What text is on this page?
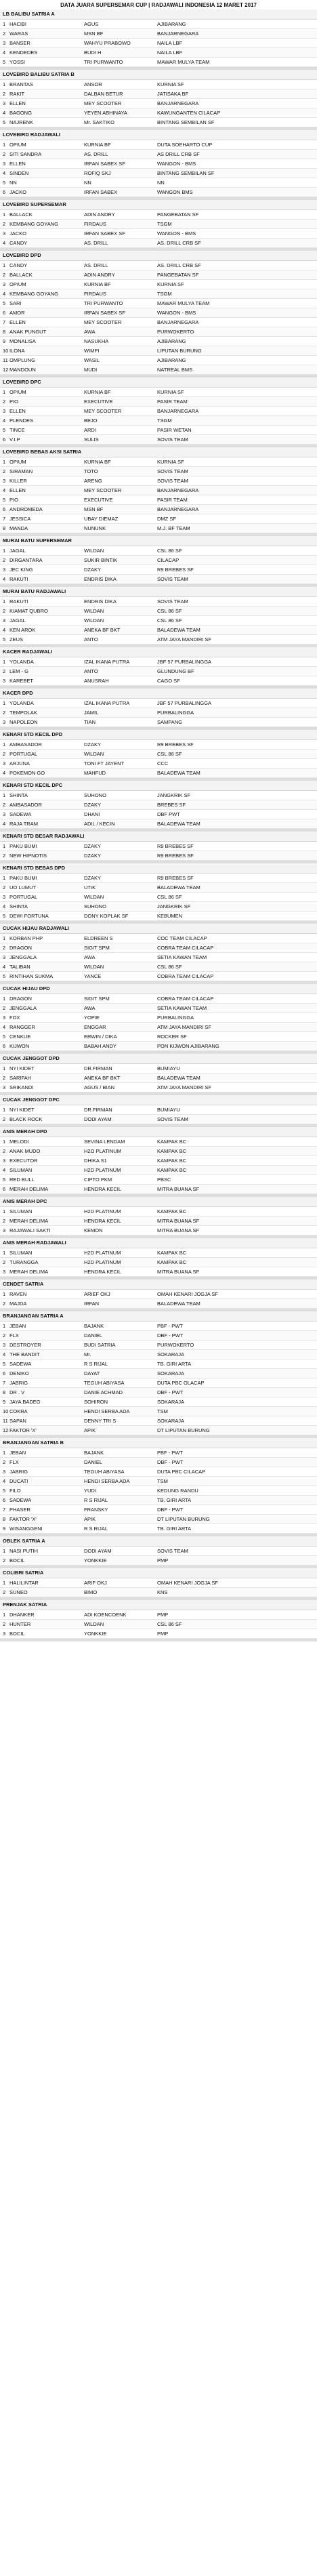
DATA JUARA SUPERSEMAR CUP | RADJAWALI INDONESIA 12 MARET 2017
LB BALIBU SATRIA A
1 HACIBI	AGUS	AJIBARANG
2 WARAS	MSN BF	BANJARNEGARA
3 BANSER	WAHYU PRABOWO	NAILA LBF
4 KENDEDES	BUDI H	NAILA LBF
5 YOSSI	TRI PURWANTO	MAWAR MULYA TEAM
LOVEBIRD BALIBU SATRIA B
1 BRANTAS	ANSOR	KURNIA SF
2 RAKIT	DALBAN BETUR	JATISAKA BF
3 ELLEN	MEY SCOOTER	BANJARNEGARA
4 BAGONG	YEYEN ABHINAYA	KAWUNGANTEN CILACAP
5 NAJRENK	Mr. SAKTIKO	BINTANG SEMBILAN SF
LOVEBIRD RADJAWALI
1 OPIUM	KURNIA BF	DUTA SOEHARTO CUP
2 SITI SANDRA	AS. DRILL	AS DRILL CRB SF
3 ELLEN	IRFAN SABEX SF	WANGON - BMS
4 SINDEN	ROFIQ SKJ	BINTANG SEMBILAN SF
5 NN	NN	NN
6 JACKO	IRFAN SABEX	WANGON BMS
LOVEBIRD SUPERSEMAR
1 BALLACK	ADIN ANDRY	PANGEBATAN SF
2 KEMBANG GOYANG	FIRDAUS	TSGM
3 JACKO	IRFAN SABEX SF	WANGON - BMS
4 CANDY	AS. DRILL	AS. DRILL CRB SF
LOVEBIRD DPD
1 CANDY	AS. DRILL	AS. DRILL CRB SF
2 BALLACK	ADIN ANDRY	PANGEBATAN SF
3 OPIUM	KURNIA BF	KURNIA SF
4 KEMBANG GOYANG	FIRDAUS	TSGM
5 SARI	TRI PURWANTO	MAWAR MULYA TEAM
6 AMOR	IRFAN SABEX SF	WANGON - BMS
7 ELLEN	MEY SCOOTER	BANJARNEGARA
8 ANAK PUNGUT	AWA	PURWOKERTO
9 MONALISA	NASUKHA	AJIBARANG
10 ILONA	WIMPI	LIPUTAN BURUNG
11 OMPLUNG	WASIL	AJIBARANG
12 MANDOUN	MUDI	NATREAL BMS
LOVEBIRD DPC
1 OPIUM	KURNIA BF	KURNIA SF
2 PIO	EXECUTIVE	PASIR TEAM
3 ELLEN	MEY SCOOTER	BANJARNEGARA
4 PLENDES	BEJO	TSGM
5 TINCE	ARDI	PASIR WETAN
6 V.I.P	SULIS	SOVIS TEAM
LOVEBIRD BEBAS AKSI SATRIA
1 OPIUM	KURNIA BF	KURNIA SF
2 SIRAMAN	TOTO	SOVIS TEAM
3 KILLER	ARENG	SOVIS TEAM
4 ELLEN	MEY SCOOTER	BANJARNEGARA
5 PIO	EXECUTIVE	PASIR TEAM
6 ANDROMEDA	MSN BF	BANJARNEGARA
7 JESSICA	UBAY DIEMAZ	DMZ SF
8 MANDA	NUNUNK	M.J. BF TEAM
MURAI BATU SUPERSEMAR
1 JAGAL	WILDAN	CSL 86 SF
2 DIRGANTARA	SUKIR BINTIK	CILACAP
3 JEC KING	DZAKY	R9 BREBES SF
4 RAKUTI	ENDRIS DIKA	SOVIS TEAM
MURAI BATU RADJAWALI
1 RAKUTI	ENDRIS DIKA	SOVIS TEAM
2 KIAMAT QUBRO	WILDAN	CSL 86 SF
3 JAGAL	WILDAN	CSL 86 SF
4 KEN AROK	ANEKA BF BKT	BALADEWA TEAM
5 ZEUS	ANTO	ATM JAYA MANDIRI SF
KACER RADJAWALI
1 YOLANDA	IZAL IKANA PUTRA	JBF 57 PURBALINGGA
2 LEM - G	ANTO	GLUNDUNG BF
3 KAREBET	ANUSRAH	CAGO SF
KACER DPD
1 YOLANDA	IZAL IKANA PUTRA	JBF 57 PURBALINGGA
2 TEMPOLAK	JAMIL	PURBALINGGA
3 NAPOLEON	TIAN	SAMPANG
KENARI STD KECIL DPD
1 AMBASADOR	DZAKY	R9 BREBES SF
2 PORTUGAL	WILDAN	CSL 86 SF
3 ARJUNA	TONI FT JAYENT	CCC
4 POKEMON GO	MAHFUD	BALADEWA TEAM
KENARI STD KECIL DPC
1 SHINTA	SUHONO	JANGKRIK SF
2 AMBASADOR	DZAKY	BREBES SF
3 SADEWA	DHANI	DBF PWT
4 RAJA TRAM	ADIL / KECIN	BALADEWA TEAM
KENARI STD BESAR RADJAWALI
1 PAKU BUMI	DZAKY	R9 BREBES SF
2 NEW HIPNOTIS	DZAKY	R9 BREBES SF
KENARI STD BEBAS DPD
1 PAKU BUMI	DZAKY	R9 BREBES SF
2 UO LUMUT	UTIK	BALADEWA TEAM
3 PORTUGAL	WILDAN	CSL 86 SF
4 SHINTA	SUHONO	JANGKRIK SF
5 DEWI FORTUNA	DONY KOPLAK SF	KEBUMEN
CUCAK HIJAU RADJAWALI
1 KORBAN PHP	ELDREEN S	COC TEAM CILACAP
2 DRAGON	SIGIT SPM	COBRA TEAM CILACAP
3 JENGGALA	AWA	SETIA KAWAN TEAM
4 TALIBAN	WILDAN	CSL 86 SF
5 RINTIHAN SUKMA	YANCE	COBRA TEAM CILACAP
CUCAK HIJAU DPD
1 DRAGON	SIGIT SPM	COBRA TEAM CILACAP
2 JENGGALA	AWA	SETIA KAWAN TEAM
3 FOX	YOPIE	PURBALINGGA
4 RANGGER	ENGGAR	ATM JAYA MANDIRI SF
5 CENKUE	ERWIN / DIKA	ROCKER SF
6 KIJWON	BABAH ANDY	PON KIJWON AJIBARANG
CUCAK JENGGOT DPD
1 NYI KIDET	DR.FIRMAN	BUMIAYU
2 SARIFAH	ANEKA BF BKT	BALADEWA TEAM
3 SRIKANDI	AGUS / BIAN	ATM JAYA MANDIRI SF
CUCAK JENGGOT DPC
1 NYI KIDET	DR.FIRMAN	BUMIAYU
2 BLACK ROCK	DODI AYAM	SOVIS TEAM
ANIS MERAH DPD
1 MELODI	SEVINA LENDAM	KAMPAK BC
2 ANAK MUDO	H2O PLATINUM	KAMPAK BC
3 EXECUTOR	DHIKA S1	KAMPAK BC
4 SILUMAN	H2D PLATINUM	KAMPAK BC
5 RED BULL	CIPTO PKM	PBSC
6 MERAH DELIMA	HENDRA KECIL	MITRA BUANA SF
ANIS MERAH DPC
1 SILUMAN	H2D PLATINUM	KAMPAK BC
2 MERAH DELIMA	HENDRA KECIL	MITRA BUANA SF
3 RAJAWALI SAKTI	KEMON	MITRA BUANA SF
ANIS MERAH RADJAWALI
1 SILUMAN	H2D PLATINUM	KAMPAK BC
2 TURANGGA	H2D PLATINUM	KAMPAK BC
3 MERAH DELIMA	HENDRA KECIL	MITRA BUANA SF
CENDET SATRIA
1 RAVEN	ARIEF OKJ	OMAH KENARI JOGJA SF
2 MAJDA	IRFAN	BALADEWA TEAM
BRANJANGAN SATRIA A
1 JEBAN	BAJANK	PBF - PWT
2 FLX	DANIEL	DBF - PWT
3 DESTROYER	BUDI SATRIA	PURWOKERTO
4 THE BANDIT	Mr.	SOKARAJA
5 SADEWA	R S RIJAL	TB. GIRI ARTA
6 DENIKO	DAYAT	SOKARAJA
7 JABRIG	TEGUH ABIYASA	DUTA PBC OLACAP
8 DR . V	DANIE ACHMAD	DBF - PWT
9 JAYA BADEG	SOHIRON	SOKARAJA
10 COKRA	HENDI SERBA ADA	TSM
11 SAPAN	DENNY TRI S	SOKARAJA
12 FAKTOR 'X'	APIK	DT LIPUTAN BURUNG
BRANJANGAN SATRIA B
1 JEBAN	BAJANK	PBF - PWT
2 FLX	DANIEL	DBF - PWT
3 JABRIG	TEGUH ABIYASA	DUTA PBC CILACAP
4 DUCATI	HENDI SERBA ADA	TSM
5 FILO	YUDI	KEDUNG RANDU
6 SADEWA	R S RIJAL	TB. GIRI ARTA
7 PHASER	FRANSKY	DBF - PWT
8 FAKTOR 'X'	APIK	DT LIPUTAN BURUNG
9 WISANGGENI	R S RIJAL	TB. GIRI ARTA
OBLEK SATRIA A
1 NASI PUTIH	DODI AYAM	SOVIS TEAM
2 BOCIL	YONKKIE	PMP
COLIBRI SATRIA
1 HALILINTAR	ARIF OKJ	OMAH KENARI JOGJA SF
2 SUNEO	BIMO	KNS
PRENJAK SATRIA
1 DHANKER	ADI KOENCOENK	PMP
2 HUNTER	WILDAN	CSL 86 SF
3 BOCIL	YONKKIE	PMP
